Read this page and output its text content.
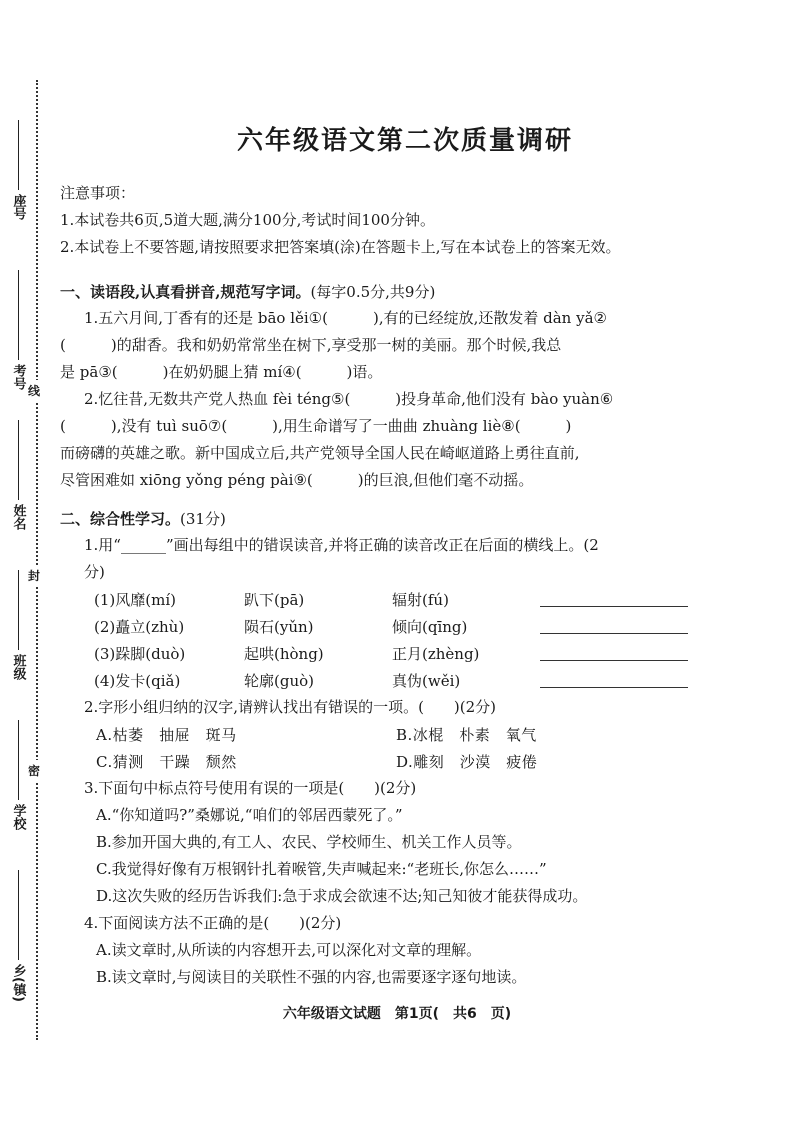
座号
考号
姓名
班级
学校
乡(镇)
线
封
密
六年级语文第二次质量调研

注意事项：

1.本试卷共6页,5道大题,满分100分,考试时间100分钟。

2.本试卷上不要答题,请按照要求把答案填(涂)在答题卡上,写在本试卷上的答案无效。

一、读语段,认真看拼音,规范写字词。(每字0.5分,共9分)

1.五六月间,丁香有的还是 bāo lěi①(　　　),有的已经绽放,还散发着 dàn yǎ②

(　　　)的甜香。我和奶奶常常坐在树下,享受那一树的美丽。那个时候,我总

是 pā③(　　　)在奶奶腿上猜 mí④(　　　)语。

2.忆往昔,无数共产党人热血 fèi téng⑤(　　　)投身革命,他们没有 bào yuàn⑥

(　　　),没有 tuì suō⑦(　　　),用生命谱写了一曲曲 zhuàng liè⑧(　　　)

而磅礴的英雄之歌。新中国成立后,共产党领导全国人民在崎岖道路上勇往直前,

尽管困难如 xiōng yǒng péng pài⑨(　　　)的巨浪,但他们毫不动摇。

二、综合性学习。(31分)
1.用“______”画出每组中的错误读音,并将正确的读音改正在后面的横线上。(2
分)
(1)风靡(mí)	趴下(pā)	辐射(fú)
(2)矗立(zhù)	陨石(yǔn)	倾向(qīng)
(3)跺脚(duò)	起哄(hòng)	正月(zhèng)
(4)发卡(qiǎ)	轮廓(guò)	真伪(wěi)
2.字形小组归纳的汉字,请辨认找出有错误的一项。(　　)(2分)
A.枯萎　抽屉　斑马	B.冰棍　朴素　氧气
C.猜测　干躁　颓然	D.雕刻　沙漠　疲倦
3.下面句中标点符号使用有误的一项是(　　)(2分)

A.“你知道吗?”桑娜说,“咱们的邻居西蒙死了。”

B.参加开国大典的,有工人、农民、学校师生、机关工作人员等。

C.我觉得好像有万根钢针扎着喉管,失声喊起来:“老班长,你怎么……”

D.这次失败的经历告诉我们:急于求成会欲速不达;知己知彼才能获得成功。

4.下面阅读方法不正确的是(　　)(2分)

A.读文章时,从所读的内容想开去,可以深化对文章的理解。

B.读文章时,与阅读目的关联性不强的内容,也需要逐字逐句地读。

六年级语文试题　第1页(　共6　页)
